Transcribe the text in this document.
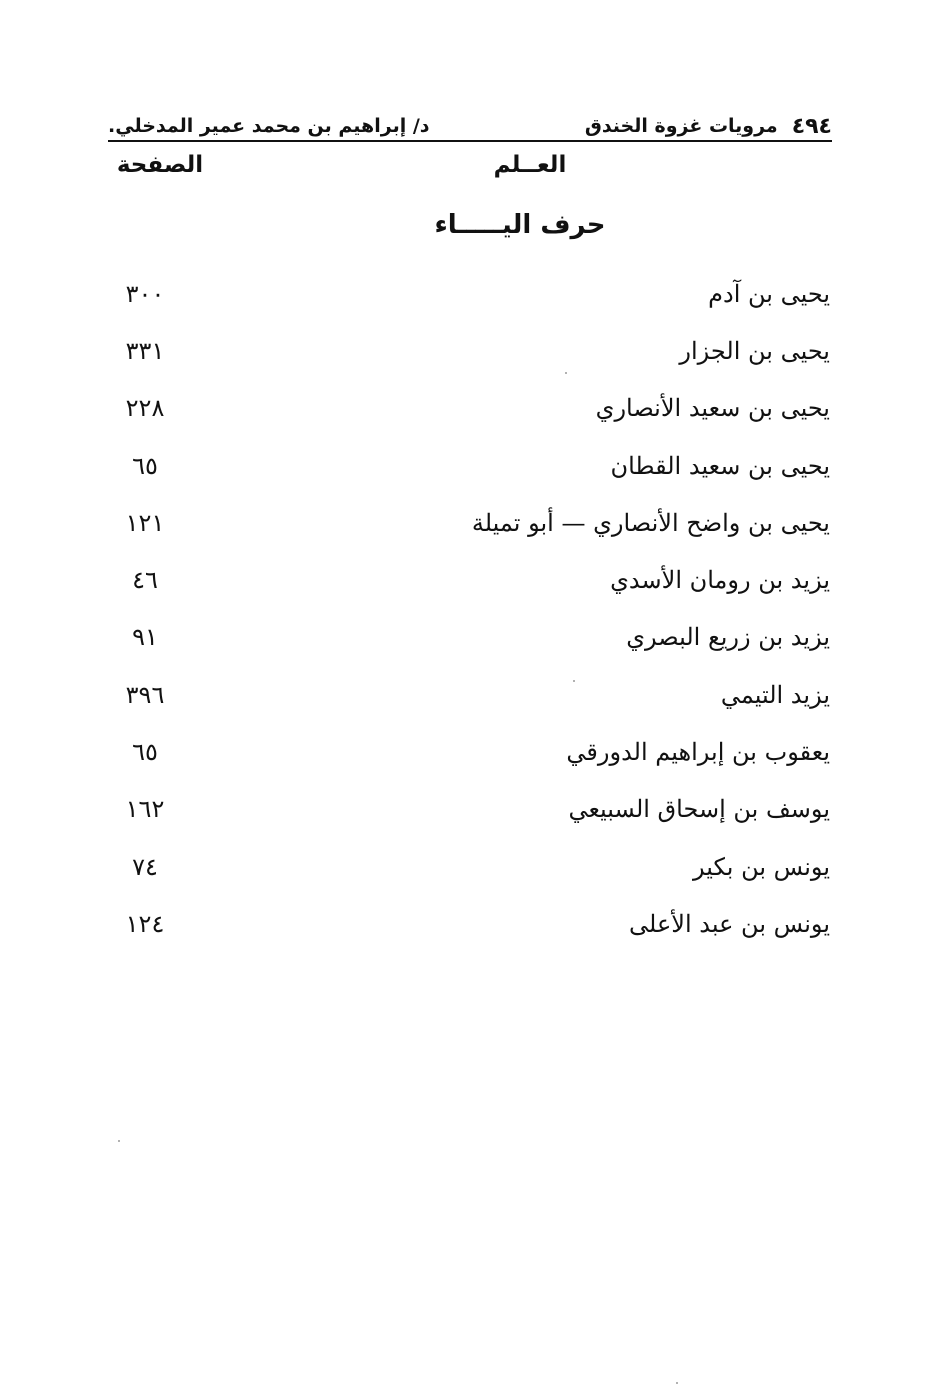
٤٩٤
مرويات غزوة الخندق
د/ إبراهيم بن محمد عمير المدخلي.
العــلم
الصفحة
حرف اليـــــاء
يحيى بن آدم
٣٠٠
يحيى بن الجزار
٣٣١
يحيى بن سعيد الأنصاري
٢٢٨
يحيى بن سعيد القطان
٦٥
يحيى بن واضح الأنصاري — أبو تميلة
١٢١
يزيد بن رومان الأسدي
٤٦
يزيد بن زريع البصري
٩١
يزيد التيمي
٣٩٦
يعقوب بن إبراهيم الدورقي
٦٥
يوسف بن إسحاق السبيعي
١٦٢
يونس بن بكير
٧٤
يونس بن عبد الأعلى
١٢٤
